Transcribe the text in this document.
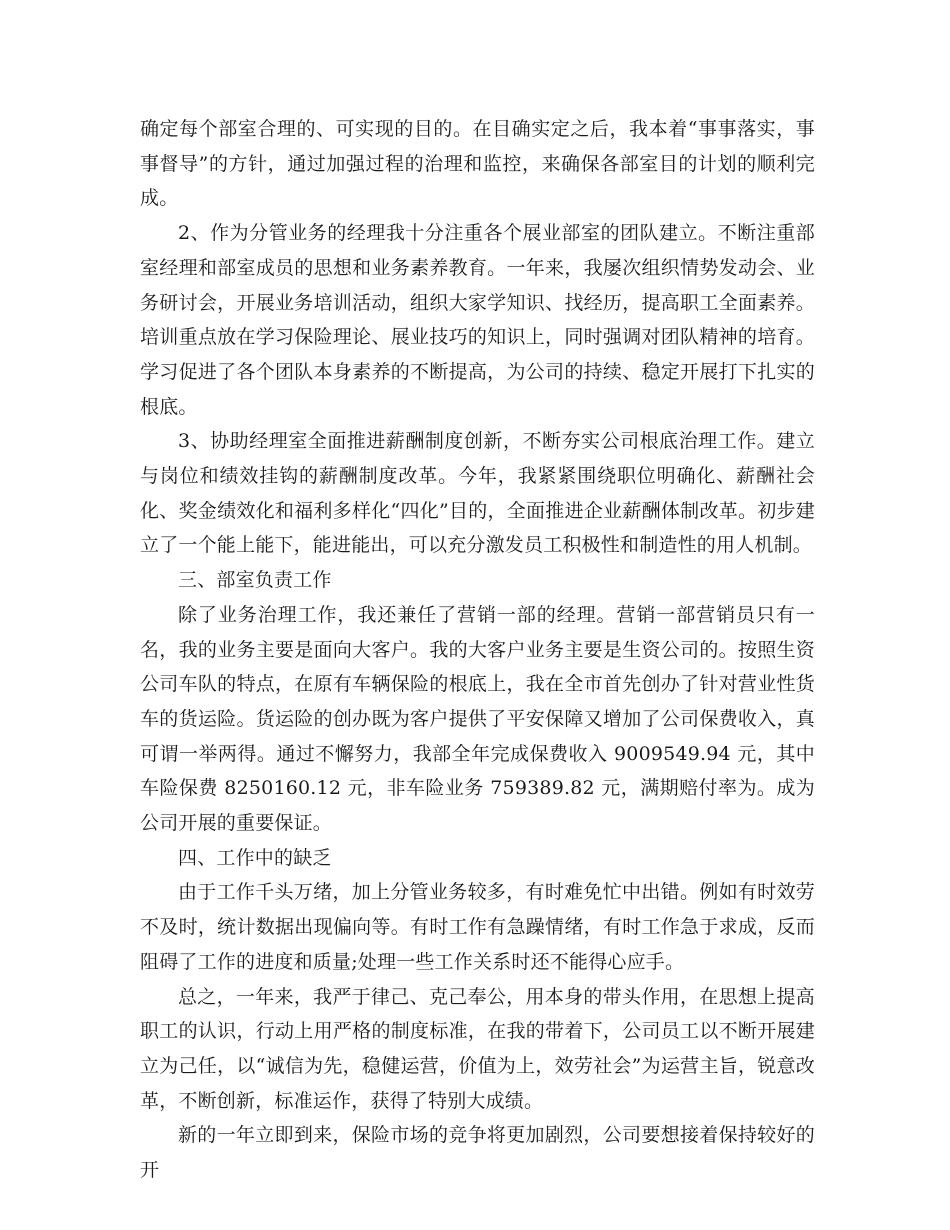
确定每个部室合理的、可实现的目的。在目确实定之后，我本着“事事落实，事事督导”的方针，通过加强过程的治理和监控，来确保各部室目的计划的顺利完成。

2、作为分管业务的经理我十分注重各个展业部室的团队建立。不断注重部室经理和部室成员的思想和业务素养教育。一年来，我屡次组织情势发动会、业务研讨会，开展业务培训活动，组织大家学知识、找经历，提高职工全面素养。培训重点放在学习保险理论、展业技巧的知识上，同时强调对团队精神的培育。学习促进了各个团队本身素养的不断提高，为公司的持续、稳定开展打下扎实的根底。

3、协助经理室全面推进薪酬制度创新，不断夯实公司根底治理工作。建立与岗位和绩效挂钩的薪酬制度改革。今年，我紧紧围绕职位明确化、薪酬社会化、奖金绩效化和福利多样化“四化”目的，全面推进企业薪酬体制改革。初步建立了一个能上能下，能进能出，可以充分激发员工积极性和制造性的用人机制。

三、部室负责工作

除了业务治理工作，我还兼任了营销一部的经理。营销一部营销员只有一名，我的业务主要是面向大客户。我的大客户业务主要是生资公司的。按照生资公司车队的特点，在原有车辆保险的根底上，我在全市首先创办了针对营业性货车的货运险。货运险的创办既为客户提供了平安保障又增加了公司保费收入，真可谓一举两得。通过不懈努力，我部全年完成保费收入 9009549.94 元，其中车险保费 8250160.12 元，非车险业务 759389.82 元，满期赔付率为。成为公司开展的重要保证。

四、工作中的缺乏

由于工作千头万绪，加上分管业务较多，有时难免忙中出错。例如有时效劳不及时，统计数据出现偏向等。有时工作有急躁情绪，有时工作急于求成，反而阻碍了工作的进度和质量;处理一些工作关系时还不能得心应手。

总之，一年来，我严于律己、克己奉公，用本身的带头作用，在思想上提高职工的认识，行动上用严格的制度标准，在我的带着下，公司员工以不断开展建立为己任，以“诚信为先，稳健运营，价值为上，效劳社会”为运营主旨，锐意改革，不断创新，标准运作，获得了特别大成绩。

新的一年立即到来，保险市场的竞争将更加剧烈，公司要想接着保持较好的开
